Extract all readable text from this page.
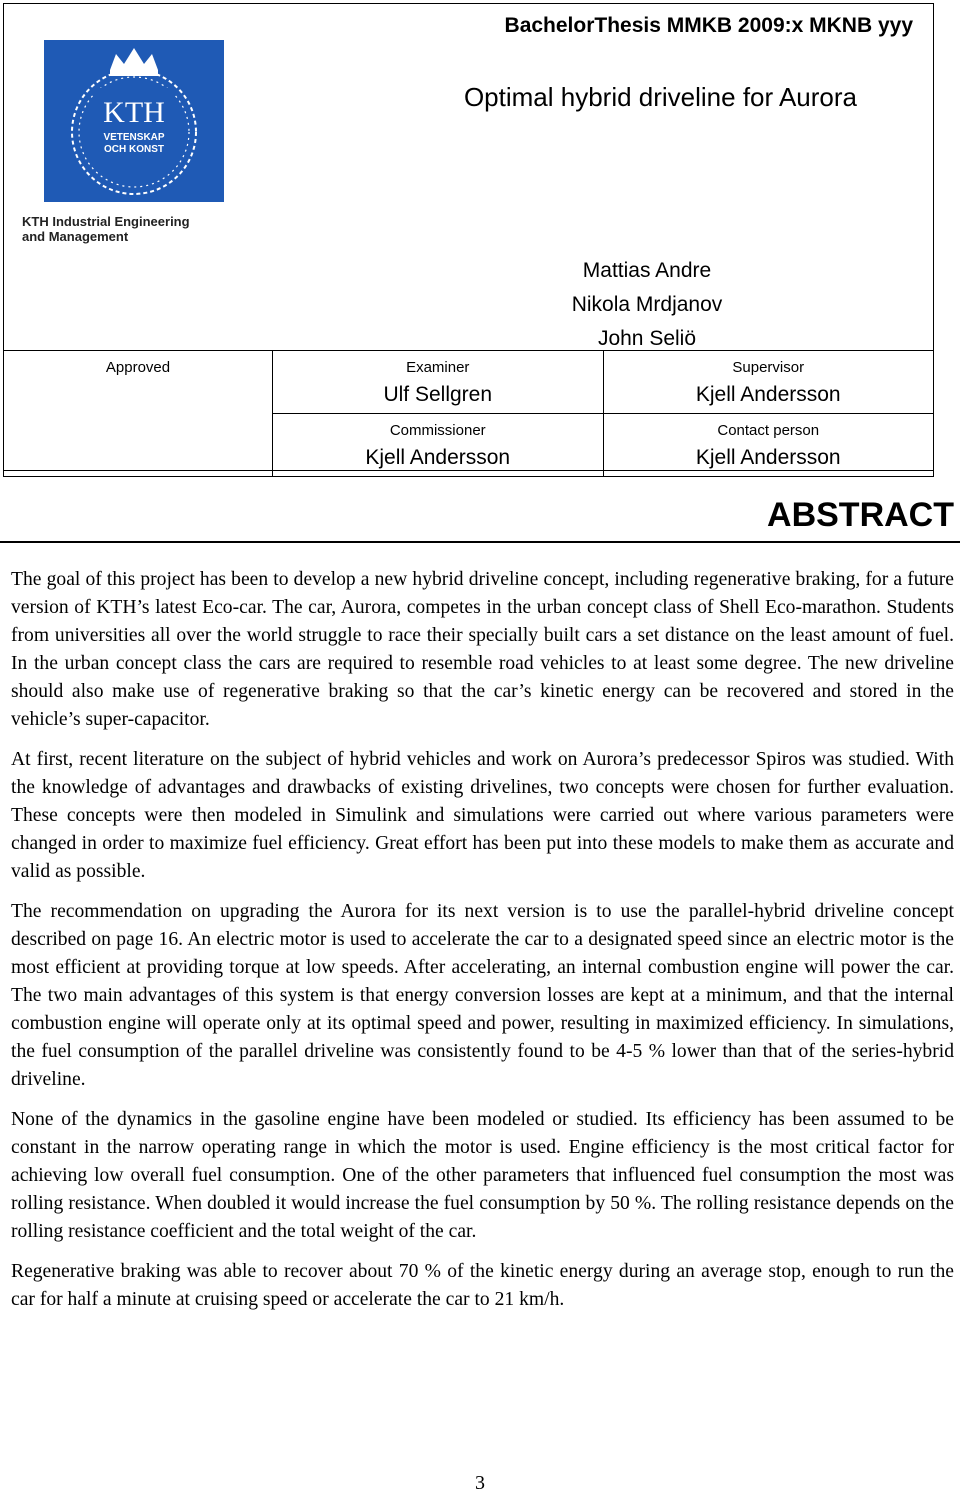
BachelorThesis MMKB 2009:x MKNB yyy
Optimal hybrid driveline for Aurora
KTH
VETENSKAP
OCH KONST
KTH Industrial Engineering
and Management
Mattias Andre
Nikola Mrdjanov
John Seliö
Approved	Examiner	Supervisor

	Ulf Sellgren	Kjell Andersson

	Commissioner	Contact person

	Kjell Andersson	Kjell Andersson
ABSTRACT

The goal of this project has been to develop a new hybrid driveline concept, including regenerative braking, for a future version of KTH’s latest Eco-car. The car, Aurora, competes in the urban concept class of Shell Eco-marathon. Students from universities all over the world struggle to race their specially built cars a set distance on the least amount of fuel. In the urban concept class the cars are required to resemble road vehicles to at least some degree. The new driveline should also make use of regenerative braking so that the car’s kinetic energy can be recovered and stored in the vehicle’s super-capacitor.

At first, recent literature on the subject of hybrid vehicles and work on Aurora’s predecessor Spiros was studied. With the knowledge of advantages and drawbacks of existing drivelines, two concepts were chosen for further evaluation. These concepts were then modeled in Simulink and simulations were carried out where various parameters were changed in order to maximize fuel efficiency. Great effort has been put into these models to make them as accurate and valid as possible.

The recommendation on upgrading the Aurora for its next version is to use the parallel-hybrid driveline concept described on page 16. An electric motor is used to accelerate the car to a designated speed since an electric motor is the most efficient at providing torque at low speeds. After accelerating, an internal combustion engine will power the car. The two main advantages of this system is that energy conversion losses are kept at a minimum, and that the internal combustion engine will operate only at its optimal speed and power, resulting in maximized efficiency. In simulations, the fuel consumption of the parallel driveline was consistently found to be 4-5 % lower than that of the series-hybrid driveline.

None of the dynamics in the gasoline engine have been modeled or studied. Its efficiency has been assumed to be constant in the narrow operating range in which the motor is used. Engine efficiency is the most critical factor for achieving low overall fuel consumption. One of the other parameters that influenced fuel consumption the most was rolling resistance. When doubled it would increase the fuel consumption by 50 %. The rolling resistance depends on the rolling resistance coefficient and the total weight of the car.

Regenerative braking was able to recover about 70 % of the kinetic energy during an average stop, enough to run the car for half a minute at cruising speed or accelerate the car to 21 km/h.

3
